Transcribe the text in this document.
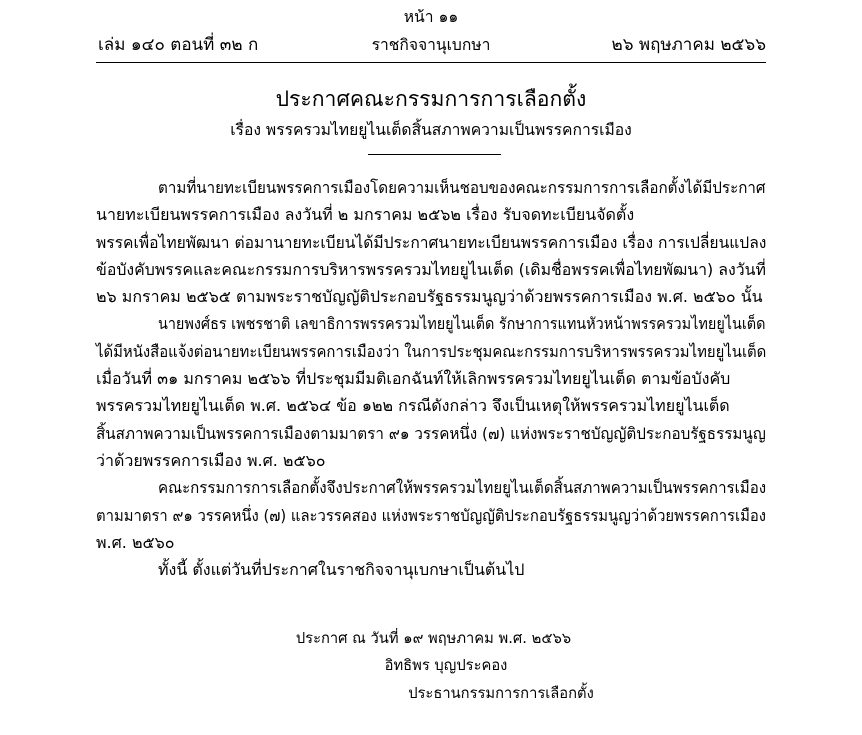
หน้า ๑๑
เล่ม ๑๔๐ ตอนที่ ๓๒ ก	ราชกิจจานุเบกษา	๒๖ พฤษภาคม ๒๕๖๖
ประกาศคณะกรรมการการเลือกตั้ง
เรื่อง พรรครวมไทยยูไนเต็ดสิ้นสภาพความเป็นพรรคการเมือง

ตามที่นายทะเบียนพรรคการเมืองโดยความเห็นชอบของคณะกรรมการการเลือกตั้งได้มีประกาศ
นายทะเบียนพรรคการเมือง ลงวันที่ ๒ มกราคม ๒๕๖๒ เรื่อง รับจดทะเบียนจัดตั้ง
พรรคเพื่อไทยพัฒนา ต่อมานายทะเบียนได้มีประกาศนายทะเบียนพรรคการเมือง เรื่อง การเปลี่ยนแปลง
ข้อบังคับพรรคและคณะกรรมการบริหารพรรครวมไทยยูไนเต็ด (เดิมชื่อพรรคเพื่อไทยพัฒนา) ลงวันที่
๒๖ มกราคม ๒๕๖๕ ตามพระราชบัญญัติประกอบรัฐธรรมนูญว่าด้วยพรรคการเมือง พ.ศ. ๒๕๖๐ นั้น

นายพงศ์ธร เพชรชาติ เลขาธิการพรรครวมไทยยูไนเต็ด รักษาการแทนหัวหน้าพรรครวมไทยยูไนเต็ด
ได้มีหนังสือแจ้งต่อนายทะเบียนพรรคการเมืองว่า ในการประชุมคณะกรรมการบริหารพรรครวมไทยยูไนเต็ด
เมื่อวันที่ ๓๑ มกราคม ๒๕๖๖ ที่ประชุมมีมติเอกฉันท์ให้เลิกพรรครวมไทยยูไนเต็ด ตามข้อบังคับ
พรรครวมไทยยูไนเต็ด พ.ศ. ๒๕๖๔ ข้อ ๑๒๒ กรณีดังกล่าว จึงเป็นเหตุให้พรรครวมไทยยูไนเต็ด
สิ้นสภาพความเป็นพรรคการเมืองตามมาตรา ๙๑ วรรคหนึ่ง (๗) แห่งพระราชบัญญัติประกอบรัฐธรรมนูญ
ว่าด้วยพรรคการเมือง พ.ศ. ๒๕๖๐

คณะกรรมการการเลือกตั้งจึงประกาศให้พรรครวมไทยยูไนเต็ดสิ้นสภาพความเป็นพรรคการเมือง
ตามมาตรา ๙๑ วรรคหนึ่ง (๗) และวรรคสอง แห่งพระราชบัญญัติประกอบรัฐธรรมนูญว่าด้วยพรรคการเมือง
พ.ศ. ๒๕๖๐

ทั้งนี้ ตั้งแต่วันที่ประกาศในราชกิจจานุเบกษาเป็นต้นไป

ประกาศ ณ วันที่ ๑๙ พฤษภาคม พ.ศ. ๒๕๖๖
อิทธิพร บุญประคอง
ประธานกรรมการการเลือกตั้ง
